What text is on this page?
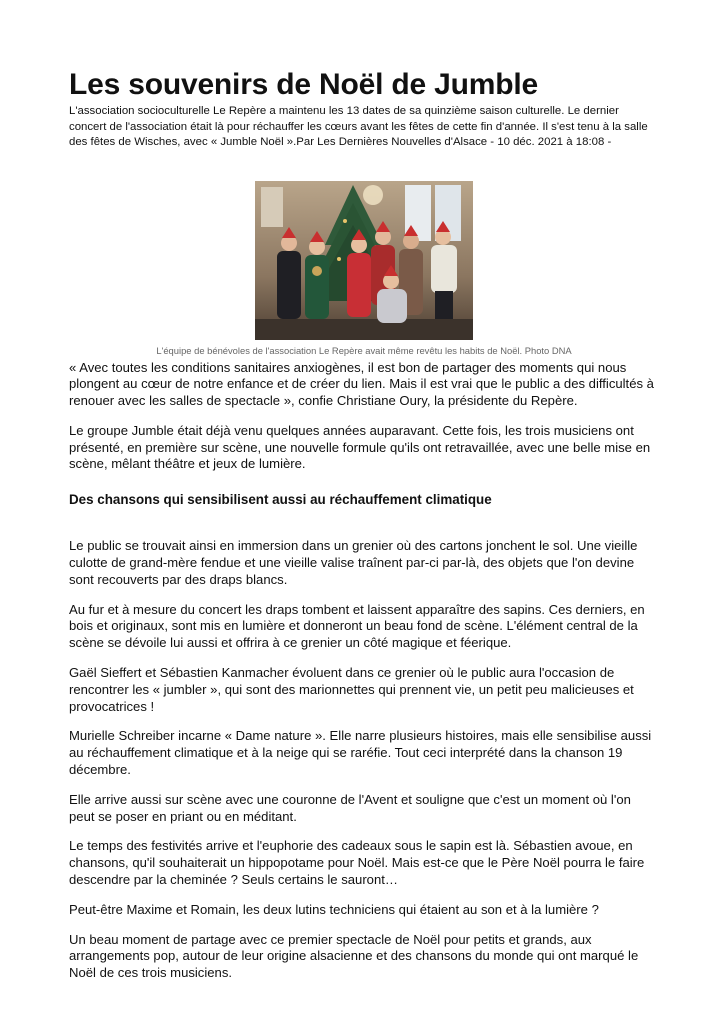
Les souvenirs de Noël de Jumble

L'association socioculturelle Le Repère a maintenu les 13 dates de sa quinzième saison culturelle. Le dernier concert de l'association était là pour réchauffer les cœurs avant les fêtes de cette fin d'année. Il s'est tenu à la salle des fêtes de Wisches, avec « Jumble Noël ».Par Les Dernières Nouvelles d'Alsace - 10 déc. 2021 à 18:08 -

L'équipe de bénévoles de l'association Le Repère avait même revêtu les habits de Noël. Photo DNA

« Avec toutes les conditions sanitaires anxiogènes, il est bon de partager des moments qui nous plongent au cœur de notre enfance et de créer du lien. Mais il est vrai que le public a des difficultés à renouer avec les salles de spectacle », confie Christiane Oury, la présidente du Repère.

Le groupe Jumble était déjà venu quelques années auparavant. Cette fois, les trois musiciens ont présenté, en première sur scène, une nouvelle formule qu'ils ont retravaillée, avec une belle mise en scène, mêlant théâtre et jeux de lumière.

Des chansons qui sensibilisent aussi au réchauffement climatique

Le public se trouvait ainsi en immersion dans un grenier où des cartons jonchent le sol. Une vieille culotte de grand-mère fendue et une vieille valise traînent par-ci par-là, des objets que l'on devine sont recouverts par des draps blancs.

Au fur et à mesure du concert les draps tombent et laissent apparaître des sapins. Ces derniers, en bois et originaux, sont mis en lumière et donneront un beau fond de scène. L'élément central de la scène se dévoile lui aussi et offrira à ce grenier un côté magique et féerique.

Gaël Sieffert et Sébastien Kanmacher évoluent dans ce grenier où le public aura l'occasion de rencontrer les « jumbler », qui sont des marionnettes qui prennent vie, un petit peu malicieuses et provocatrices !

Murielle Schreiber incarne « Dame nature ». Elle narre plusieurs histoires, mais elle sensibilise aussi au réchauffement climatique et à la neige qui se raréfie. Tout ceci interprété dans la chanson 19 décembre.

Elle arrive aussi sur scène avec une couronne de l'Avent et souligne que c'est un moment où l'on peut se poser en priant ou en méditant.

Le temps des festivités arrive et l'euphorie des cadeaux sous le sapin est là. Sébastien avoue, en chansons, qu'il souhaiterait un hippopotame pour Noël. Mais est-ce que le Père Noël pourra le faire descendre par la cheminée ? Seuls certains le sauront…

Peut-être Maxime et Romain, les deux lutins techniciens qui étaient au son et à la lumière ?

Un beau moment de partage avec ce premier spectacle de Noël pour petits et grands, aux arrangements pop, autour de leur origine alsacienne et des chansons du monde qui ont marqué le Noël de ces trois musiciens.
